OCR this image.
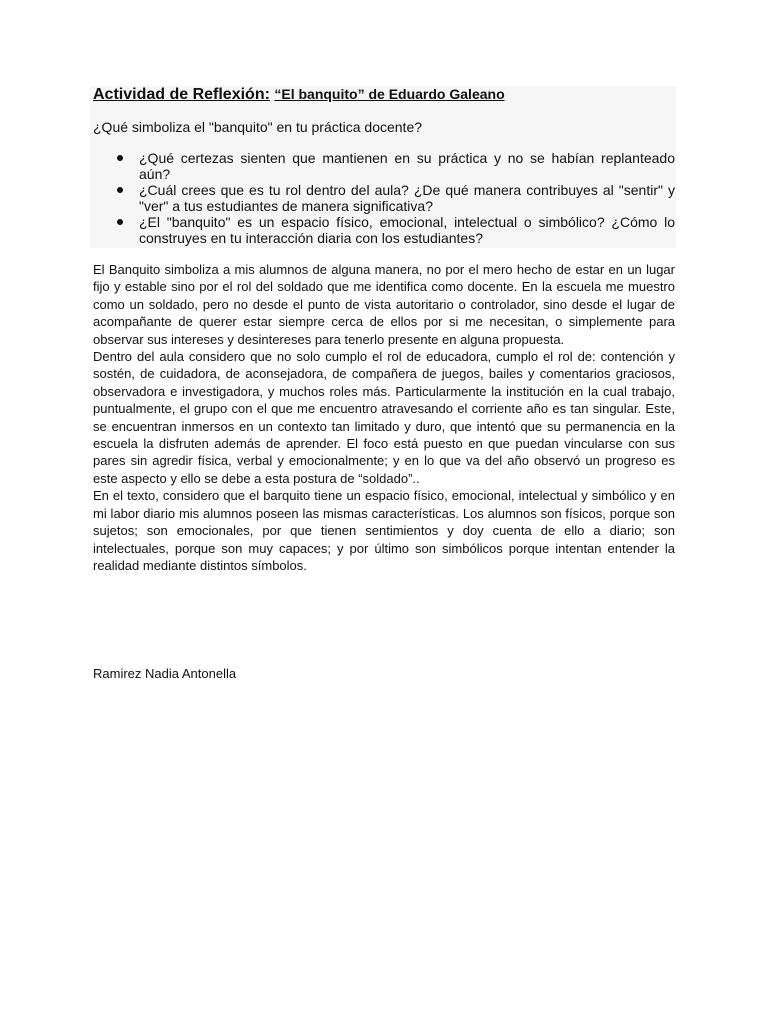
Actividad de Reflexión: “El banquito” de Eduardo Galeano
¿Qué simboliza el "banquito" en tu práctica docente?
¿Qué certezas sienten que mantienen en su práctica y no se habían replanteado aún?
¿Cuál crees que es tu rol dentro del aula? ¿De qué manera contribuyes al "sentir" y "ver" a tus estudiantes de manera significativa?
¿El "banquito" es un espacio físico, emocional, intelectual o simbólico? ¿Cómo lo construyes en tu interacción diaria con los estudiantes?

El Banquito simboliza a mis alumnos de alguna manera, no por el mero hecho de estar en un lugar fijo y estable sino por el rol del soldado que me identifica como docente. En la escuela me muestro como un soldado, pero no desde el punto de vista autoritario o controlador, sino desde el lugar de acompañante de querer estar siempre cerca de ellos por si me necesitan, o simplemente para observar sus intereses y desintereses para tenerlo presente en alguna propuesta.

Dentro del aula considero que no solo cumplo el rol de educadora, cumplo el rol de: contención y sostén, de cuidadora, de aconsejadora, de compañera de juegos, bailes y comentarios graciosos, observadora e investigadora, y muchos roles más. Particularmente la institución en la cual trabajo, puntualmente, el grupo con el que me encuentro atravesando el corriente año es tan singular. Este, se encuentran inmersos en un contexto tan limitado y duro, que intentó que su permanencia en la escuela la disfruten además de aprender. El foco está puesto en que puedan vincularse con sus pares sin agredir física, verbal y emocionalmente; y en lo que va del año observó un progreso es este aspecto y ello se debe a esta postura de “soldado”..

En el texto, considero que el barquito tiene un espacio físico, emocional, intelectual y simbólico y en mi labor diario mis alumnos poseen las mismas características. Los alumnos son físicos, porque son sujetos; son emocionales, por que tienen sentimientos y doy cuenta de ello a diario; son intelectuales, porque son muy capaces; y por último son simbólicos porque intentan entender la realidad mediante distintos símbolos.

Ramirez Nadia Antonella
